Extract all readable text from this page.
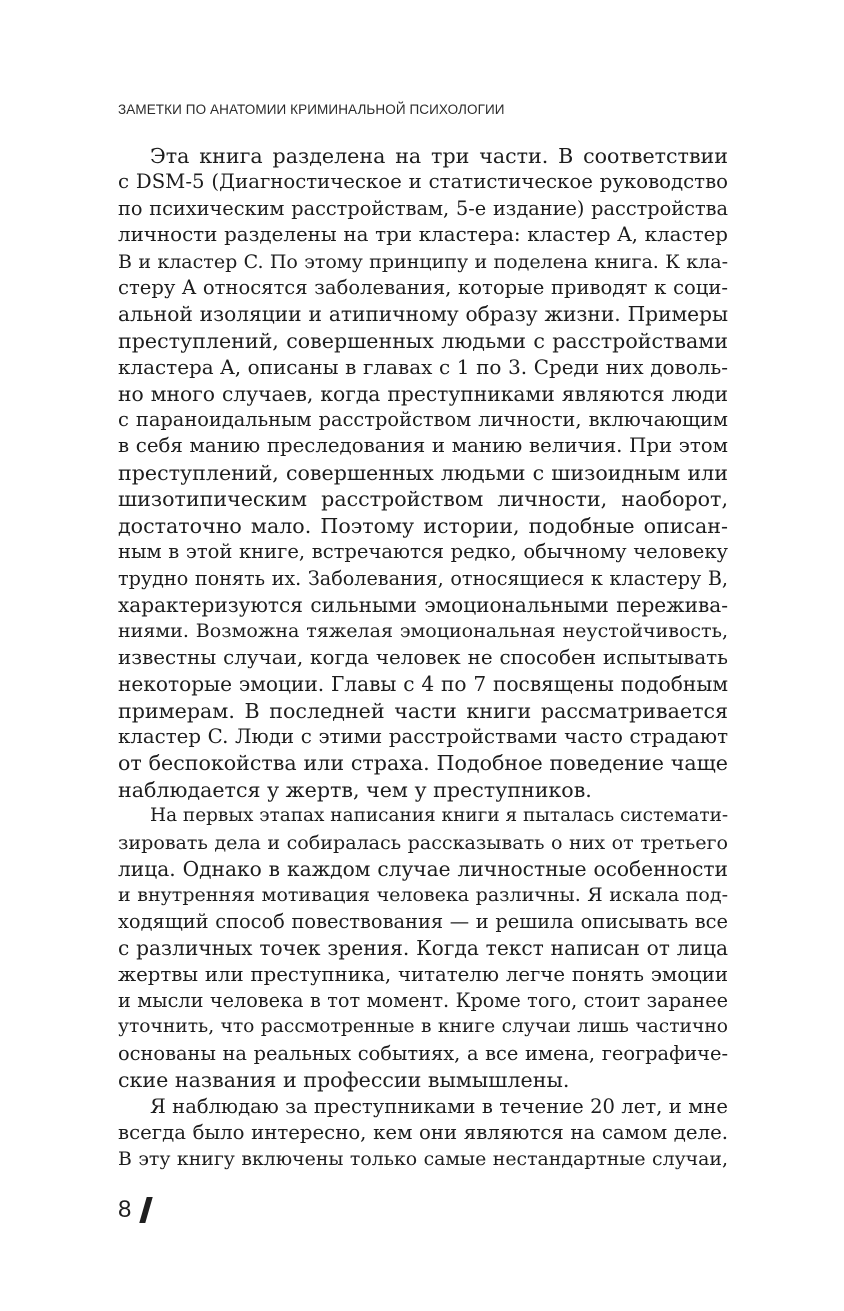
ЗАМЕТКИ ПО АНАТОМИИ КРИМИНАЛЬНОЙ ПСИХОЛОГИИ
Эта книга разделена на три части. В соответствии
с DSM-5 (Диагностическое и статистическое руководство
по психическим расстройствам, 5-е издание) расстройства
личности разделены на три кластера: кластер A, кластер
B и кластер C. По этому принципу и поделена книга. К кла-
стеру A относятся заболевания, которые приводят к соци-
альной изоляции и атипичному образу жизни. Примеры
преступлений, совершенных людьми с расстройствами
кластера A, описаны в главах с 1 по 3. Среди них доволь-
но много случаев, когда преступниками являются люди
с параноидальным расстройством личности, включающим
в себя манию преследования и манию величия. При этом
преступлений, совершенных людьми с шизоидным или
шизотипическим расстройством личности, наоборот,
достаточно мало. Поэтому истории, подобные описан-
ным в этой книге, встречаются редко, обычному человеку
трудно понять их. Заболевания, относящиеся к кластеру B,
характеризуются сильными эмоциональными пережива-
ниями. Возможна тяжелая эмоциональная неустойчивость,
известны случаи, когда человек не способен испытывать
некоторые эмоции. Главы с 4 по 7 посвящены подобным
примерам. В последней части книги рассматривается
кластер C. Люди с этими расстройствами часто страдают
от беспокойства или страха. Подобное поведение чаще
наблюдается у жертв, чем у преступников.
На первых этапах написания книги я пыталась системати-
зировать дела и собиралась рассказывать о них от третьего
лица. Однако в каждом случае личностные особенности
и внутренняя мотивация человека различны. Я искала под-
ходящий способ повествования — и решила описывать все
с различных точек зрения. Когда текст написан от лица
жертвы или преступника, читателю легче понять эмоции
и мысли человека в тот момент. Кроме того, стоит заранее
уточнить, что рассмотренные в книге случаи лишь частично
основаны на реальных событиях, а все имена, географиче-
ские названия и профессии вымышлены.
Я наблюдаю за преступниками в течение 20 лет, и мне
всегда было интересно, кем они являются на самом деле.
В эту книгу включены только самые нестандартные случаи,
8
